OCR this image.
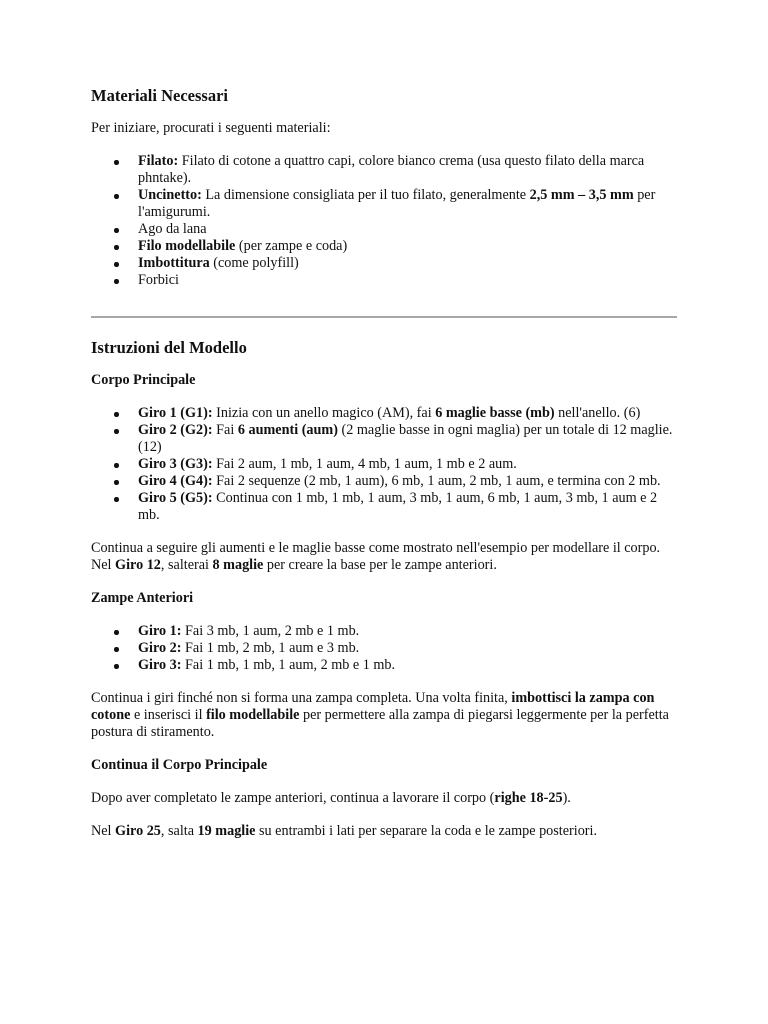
Materiali Necessari

Per iniziare, procurati i seguenti materiali:

Filato: Filato di cotone a quattro capi, colore bianco crema (usa questo filato della marca phntake).
Uncinetto: La dimensione consigliata per il tuo filato, generalmente 2,5 mm – 3,5 mm per l'amigurumi.
Ago da lana
Filo modellabile (per zampe e coda)
Imbottitura (come polyfill)
Forbici
Istruzioni del Modello
Corpo Principale
Giro 1 (G1): Inizia con un anello magico (AM), fai 6 maglie basse (mb) nell'anello. (6)
Giro 2 (G2): Fai 6 aumenti (aum) (2 maglie basse in ogni maglia) per un totale di 12 maglie. (12)
Giro 3 (G3): Fai 2 aum, 1 mb, 1 aum, 4 mb, 1 aum, 1 mb e 2 aum.
Giro 4 (G4): Fai 2 sequenze (2 mb, 1 aum), 6 mb, 1 aum, 2 mb, 1 aum, e termina con 2 mb.
Giro 5 (G5): Continua con 1 mb, 1 mb, 1 aum, 3 mb, 1 aum, 6 mb, 1 aum, 3 mb, 1 aum e 2 mb.

Continua a seguire gli aumenti e le maglie basse come mostrato nell'esempio per modellare il corpo. Nel Giro 12, salterai 8 maglie per creare la base per le zampe anteriori.

Zampe Anteriori
Giro 1: Fai 3 mb, 1 aum, 2 mb e 1 mb.
Giro 2: Fai 1 mb, 2 mb, 1 aum e 3 mb.
Giro 3: Fai 1 mb, 1 mb, 1 aum, 2 mb e 1 mb.

Continua i giri finché non si forma una zampa completa. Una volta finita, imbottisci la zampa con cotone e inserisci il filo modellabile per permettere alla zampa di piegarsi leggermente per la perfetta postura di stiramento.

Continua il Corpo Principale

Dopo aver completato le zampe anteriori, continua a lavorare il corpo (righe 18-25).

Nel Giro 25, salta 19 maglie su entrambi i lati per separare la coda e le zampe posteriori.
